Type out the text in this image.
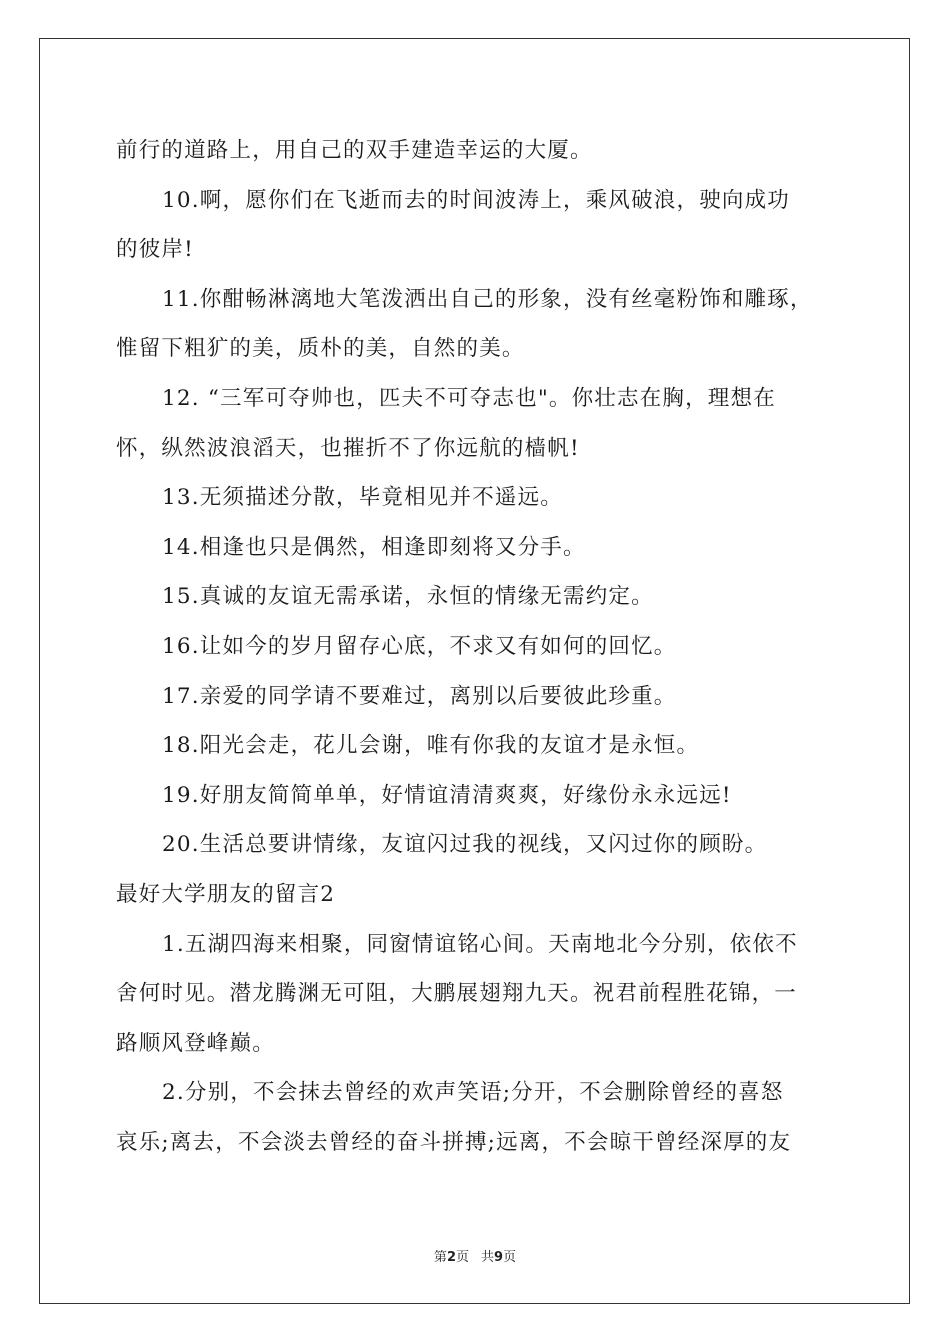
前行的道路上，用自己的双手建造幸运的大厦。
10.啊，愿你们在飞逝而去的时间波涛上，乘风破浪，驶向成功
的彼岸!
11.你酣畅淋漓地大笔泼洒出自己的形象，没有丝毫粉饰和雕琢，
惟留下粗犷的美，质朴的美，自然的美。
12. “三军可夺帅也，匹夫不可夺志也"。你壮志在胸，理想在
怀，纵然波浪滔天，也摧折不了你远航的樯帆!
13.无须描述分散，毕竟相见并不遥远。
14.相逢也只是偶然，相逢即刻将又分手。
15.真诚的友谊无需承诺，永恒的情缘无需约定。
16.让如今的岁月留存心底，不求又有如何的回忆。
17.亲爱的同学请不要难过，离别以后要彼此珍重。
18.阳光会走，花儿会谢，唯有你我的友谊才是永恒。
19.好朋友简简单单，好情谊清清爽爽，好缘份永永远远!
20.生活总要讲情缘，友谊闪过我的视线，又闪过你的顾盼。
最好大学朋友的留言2
1.五湖四海来相聚，同窗情谊铭心间。天南地北今分别，依依不
舍何时见。潜龙腾渊无可阻，大鹏展翅翔九天。祝君前程胜花锦，一
路顺风登峰巅。
2.分别，不会抹去曾经的欢声笑语;分开，不会删除曾经的喜怒
哀乐;离去，不会淡去曾经的奋斗拼搏;远离，不会晾干曾经深厚的友
第2页 共9页
